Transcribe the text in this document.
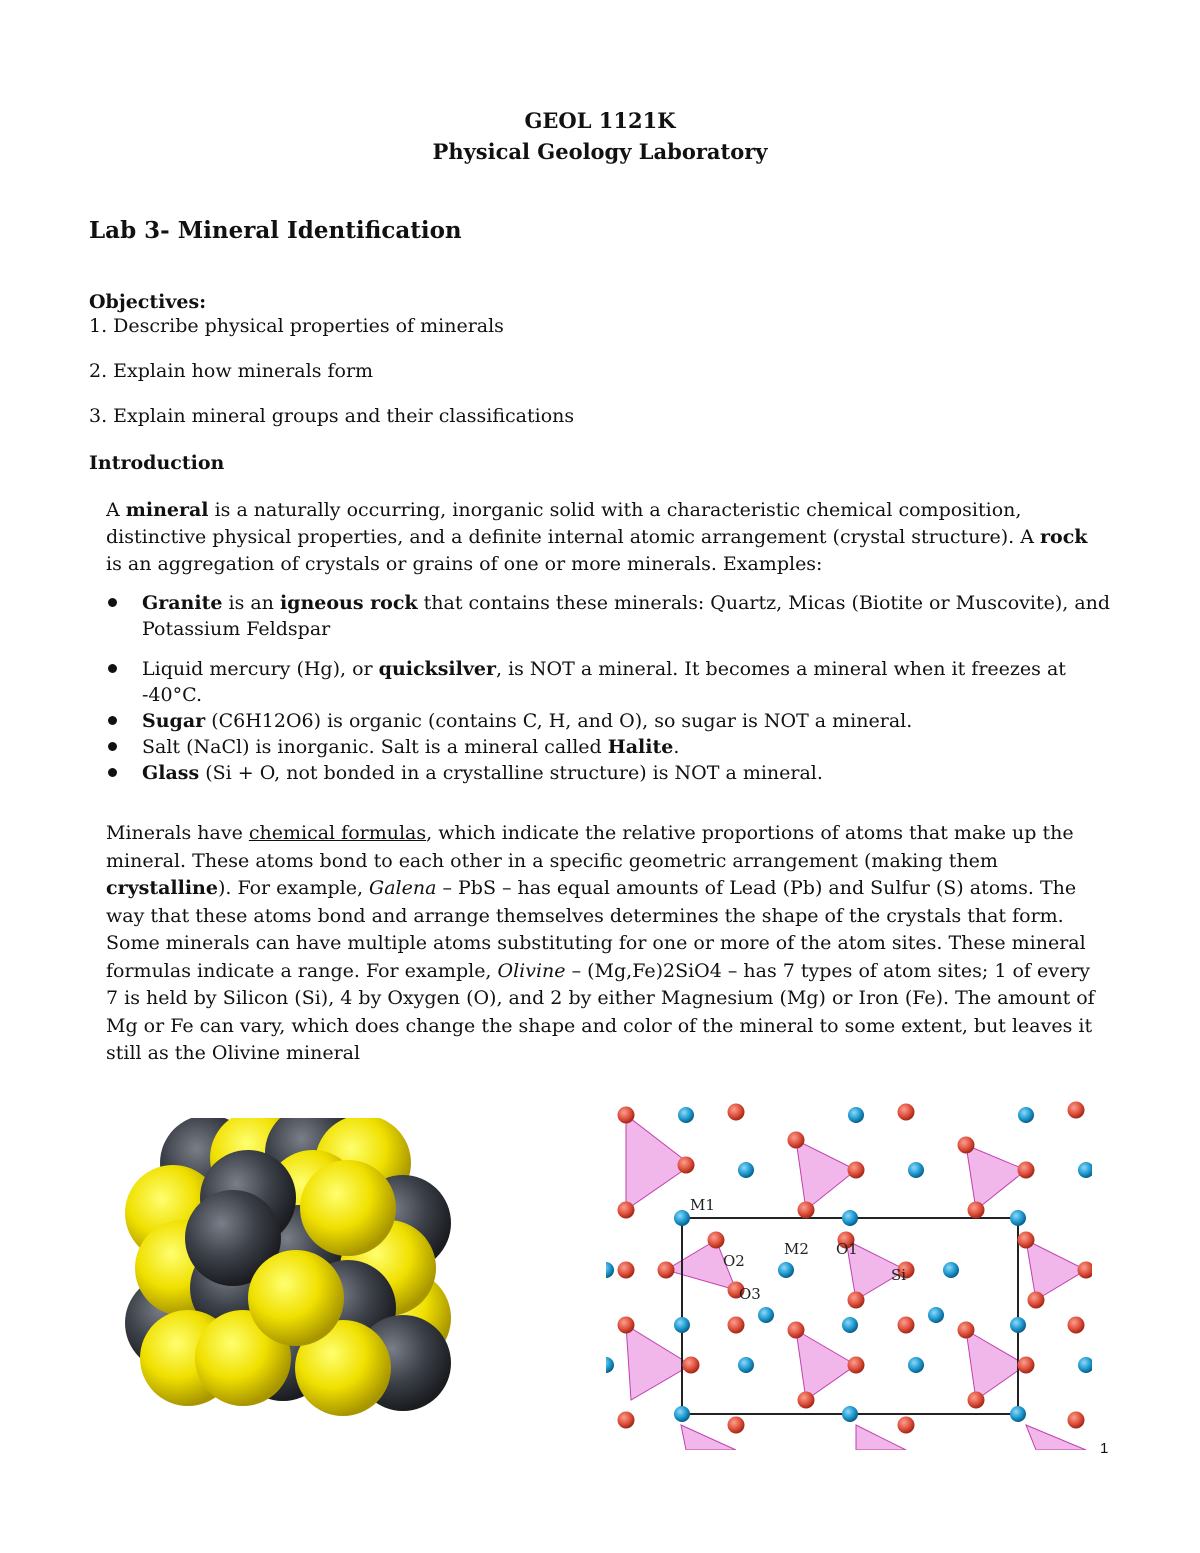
GEOL 1121K
Physical Geology Laboratory
Lab 3- Mineral Identification
Objectives:

1. Describe physical properties of minerals

2. Explain how minerals form

3. Explain mineral groups and their classifications

Introduction
A mineral is a naturally occurring, inorganic solid with a characteristic chemical composition, distinctive physical properties, and a definite internal atomic arrangement (crystal structure). A rock is an aggregation of crystals or grains of one or more minerals. Examples:
Granite is an igneous rock that contains these minerals: Quartz, Micas (Biotite or Muscovite), and Potassium Feldspar
Liquid mercury (Hg), or quicksilver, is NOT a mineral. It becomes a mineral when it freezes at -40°C.
Sugar (C6H12O6) is organic (contains C, H, and O), so sugar is NOT a mineral.
Salt (NaCl) is inorganic. Salt is a mineral called Halite.
Glass (Si + O, not bonded in a crystalline structure) is NOT a mineral.
Minerals have chemical formulas, which indicate the relative proportions of atoms that make up the mineral. These atoms bond to each other in a specific geometric arrangement (making them crystalline). For example, Galena – PbS – has equal amounts of Lead (Pb) and Sulfur (S) atoms. The way that these atoms bond and arrange themselves determines the shape of the crystals that form. Some minerals can have multiple atoms substituting for one or more of the atom sites. These mineral formulas indicate a range. For example, Olivine – (Mg,Fe)2SiO4 – has 7 types of atom sites; 1 of every 7 is held by Silicon (Si), 4 by Oxygen (O), and 2 by either Magnesium (Mg) or Iron (Fe). The amount of Mg or Fe can vary, which does change the shape and color of the mineral to some extent, but leaves it still as the Olivine mineral
M1
M2 O1
O2
O3
Si
1
